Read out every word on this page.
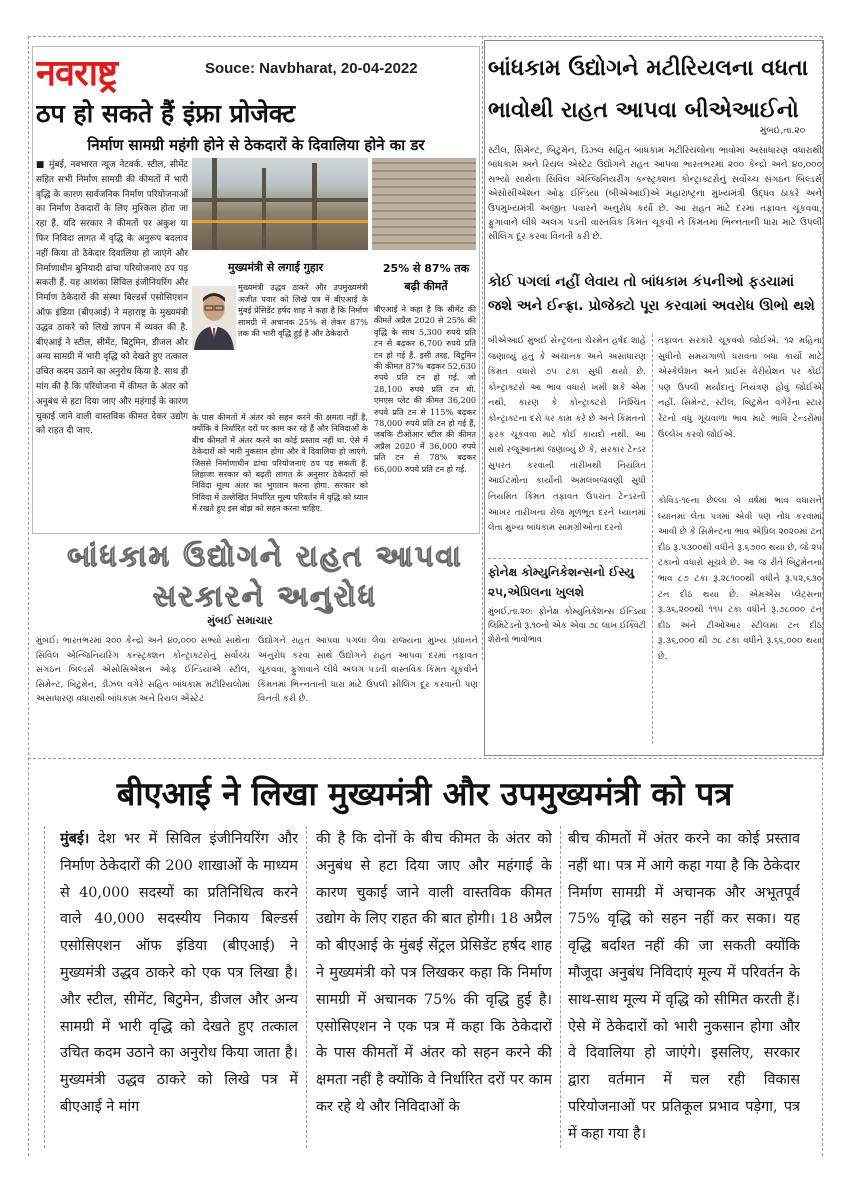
नवराष्ट्र	Souce: Navbharat, 20-04-2022
ठप हो सकते हैं इंफ्रा प्रोजेक्ट
निर्माण सामग्री महंगी होने से ठेकदारों के दिवालिया होने का डर
■ मुंबई, नवभारत न्यूज नेटवर्क. स्टील, सीमेंट सहित सभी निर्माण सामग्री की कीमतों में भारी वृद्धि के कारण सार्वजनिक निर्माण परियोजनाओं का निर्माण ठेकदारों के लिए मुश्किल होता जा रहा है. यदि सरकार ने कीमतों पर अंकुश या फिर निविदा लागत में वृद्धि के अनुरूप बदलाव नहीं किया तो ठेकेदार दिवालिया हो जाएंगे और निर्माणाधीन बुनियादी ढांचा परियोजनाएं ठप पड़ सकती हैं. यह आशंका सिविल इंजीनियरिंग और निर्माण ठेकेदारों की संस्था बिल्डर्स एसोसिएशन ऑफ इंडिया (बीएआई) ने महाराष्ट्र के मुख्यमंत्री उद्धव ठाकरे को लिखे ज्ञापन में व्यक्त की है. बीएआई ने स्टील, सीमेंट, बिटुमिन, डीजल और अन्य सामग्री में भारी वृद्धि को देखते हुए तत्काल उचित कदम उठाने का अनुरोध किया है. साथ ही मांग की है कि परियोजना में कीमत के अंतर को अनुबंध से हटा दिया जाए और महंगाई के कारण चुकाई जाने वाली वास्तविक कीमत देकर उद्योग को राहत दी जाए.
मुख्यमंत्री से लगाई गुहार
मुख्यमंत्री उद्धव ठाकरे और उपमुख्यमंत्री अजीत पवार को लिखे पत्र में बीएआई के मुंबई प्रेसिडेंट हर्षद शाह ने कहा है कि निर्माण सामग्री में अचानक 25% से लेकर 87% तक की भारी वृद्धि हुई है और ठेकेदारों
के पास कीमतों में अंतर को सहन करने की क्षमता नहीं है, क्योंकि वे निर्धारित दरों पर काम कर रहे हैं और निविदाओं के बीच कीमतों में अंतर करने का कोई प्रस्ताव नहीं था. ऐसे में ठेकेदारों को भारी नुकसान होगा और वे दिवालिया हो जाएंगे. जिससे निर्माणाधीन ढांचा परियोजनाएं ठप पड़ सकती हैं. लिहाजा सरकार को बढ़ती लागत के अनुसार ठेकेदारों को निविदा मूल्य अंतर का भुगतान करना होगा. सरकार को निविदा में उल्लेखित निर्धारित मूल्य परिवर्तन में वृद्धि को ध्यान में रखते हुए इस बोझ को सहन करना चाहिए.
25% से 87% तक बढ़ी कीमतें
बीएआई ने कहा है कि सीमेंट की कीमतें अप्रैल 2020 से 25% की वृद्धि के साथ 5,300 रुपये प्रति टन से बढ़कर 6,700 रुपये प्रति टन हो गई हैं. इसी तरह, बिटुमिन की कीमत 87% बढ़कर 52,630 रुपये प्रति टन हो गई. जो 28,100 रुपये प्रति टन थी. एमएस प्लेट की कीमत 36,200 रुपये प्रति टन से 115% बढ़कर 78,000 रुपये प्रति टन हो गई हैं, जबकि टीओआर स्टील की कीमत अप्रैल 2020 में 36,000 रुपये प्रति टन से 78% बढ़कर 66,000 रुपये प्रति टन हो गई.
બાંધકામ ઉદ્યોગને મટીરિયલના વધતા ભાવોથી રાહત આપવા બીએઆઈનો
મુંબઈ,તા.૨૦
સ્ટીલ, સિમેન્ટ, બિટુમેન, ડિઝલ સહિત બાંધકામ મટીરિયલોના ભાવોમાં અસાધારણ વધારાથી બાંધકામ અને રિયલ એસ્ટેટ ઉદ્યોગને રાહત આપવા ભારતભરમાં ૨૦૦ કેન્દ્રો અને ૪૦,૦૦૦ સભ્યો સાથેના સિવિલ એન્જિનિયરીંગ કન્સ્ટ્રક્શન કોન્ટ્રાક્ટરોનું સર્વોચ્ચ સંગઠન બિલ્ડર્સ એસોસીએશન ઓફ ઈન્ડિયા (બીએઆઈ)એ મહારાષ્ટ્રના મુખ્યમંત્રી ઉદ્ધવ ઠાકરે અને ઉપમુખ્યમંત્રી અજીત પવારને અનુરોધ કર્યો છે. આ રાહત માટે દરમાં તફાવત ચૂકવવા, ફુગાવાને લીધે અલગ પડતી વાસ્તવિક કિંમત ચૂકવી ને કિંમતમાં ભિન્નતાની ધારા માટે ઉપલી સીલિંગ દૂર કરવા વિનંતી કરી છે.
કોઈ પગલાં નહીં લેવાય તો બાંધકામ કંપનીઓ ફડચામાં જશે અને ઈન્ફ્રા. પ્રોજેક્ટો પૂરા કરવામાં અવરોધ ઊભો થશે
બીએઆઈ મુંબઈ સેન્ટ્રલના ચેરમેન હર્ષદ શાહે જણાવ્યું હતું કે અચાનક અને અસાધારણ કિંમત વધારો ૭૫ ટકા સુધી થયો છે. કોન્ટ્રાક્ટરો આ ભાવ વધારો ખમી શકે એમ નથી, કારણ કે કોન્ટ્રાક્ટરો નિશ્ચિત કોન્ટ્રાક્ટના દરો પર કામ કરે છે અને કિંમતનો ફરક ચૂકવવા માટે કોઈ કાયદો નથી. આ સાથે રજૂઆતમાં જણાવ્યું છે કે, સરકાર ટેન્ડર સુપરત કરવાની તારીખથી નિયંત્રિત આઈટમોના કાર્યોની અમલબજવણી સુધી નિયમિત કિંમત તફાવત ઉપરાંત ટેન્ડરની આખર તારીખના રોજ મૂળભૂત દરને ધ્યાનમાં લેતા મુખ્ય બાંધકામ સામગ્રીઓના દરનો
તફાવત સરકારે ચૂકવવો જોઈએ. ૧૨ મહિના સુધીનો સમયગાળો ધરાવતા બધા કાર્યો માટે એસ્કેલેશન અને પ્રાઈસ વેરીયેશન પર કોઈ પણ ઉપલી મર્યાદાનું નિયંત્રણ હોવું જોઈએ નહીં. સિમેન્ટ, સ્ટીલ, બિટુમેન વગેરેના સ્ટાર રેટનો વધુ ગૂંચવાળા ભાવ માટે ભાવિ ટેન્ડરોમાં ઉલ્લેખ કરવો જોઈએ.
કોવિડ-૧૯ના છેલ્લા બે વર્ષમાં ભાવ વધારાને ધ્યાનમાં લેતા પત્રમાં એવી પણ નોંધ કરવામાં આવી છે કે સિમેન્ટના ભાવ એપ્રિલ ૨૦૨૦માં ટન દીઠ રૂ.૫૩૦૦થી વધીને રૂ.૬૭૦૦ થયા છે, જે ૨૫ ટકાનો વધારો સૂચવે છે. આ જ રીતે બિટુમેનના ભાવ ૮૭ ટકા રૂ.૨૮૧૦૦થી વધીને રૂ.૫૨,૬૩૦ ટન દીઠ થયા છે. એમએસ પ્લેટ્સના રૂ.૩૬,૨૦૦થી ૧૧૫ ટકા વધીને રૂ.૭૮૦૦૦ ટન દીઠ અને ટીઓઆર સ્ટીલમાં ટન દીઠ રૂ.૩૬,૦૦૦ થી ૭૮ ટકા વધીને રૂ.૬૬,૦૦૦ થયા છે.
ફોનેક્ષ કોમ્યુનિકેશન્સનો ઈસ્યુ ૨૫,એપ્રિલના ખુલશે
મુંબઈ,તા.૨૦: ફોનેક્ષ કોમ્યુનિકેશન્સ ઈન્ડિયા લિમિટેડનો રૂ.૧૦નો એક એવા ૭૮ લાખ ઈક્વિટી શેરોનો ભાવોભાવ
બાંધકામ ઉદ્યોગને રાહત આપવા સરકારને અનુરોધ
મુંબઈ સમાચાર
મુંબઈ: ભારતભરમાં ૨૦૦ કેન્દ્રો અને ૪૦,૦૦૦ સભ્યો સાથેના સિવિલ એન્જિનિયરિંગ કન્સ્ટ્રક્શન કોન્ટ્રાક્ટરોનું સર્વોચ્ચ સંગઠન બિલ્ડર્સ એસોસિએશન ઓફ ઈન્ડિયાએ સ્ટીલ, સિમેન્ટ, બિટુમેન, ડીઝલ વગેરે સહિત બાંધકામ મટીરિયલોમાં અસાધારણ વધારાથી બાંધકામ અને રિયલ એસ્ટેટ
ઉદ્યોગને રાહત આપવા પગલાં લેવા રાજ્યના મુખ્ય પ્રધાનને અનુરોધ કરવા સાથે ઉદ્યોગને રાહત આપવા દરમાં તફાવત ચૂકવવા, ફુગાવાને લીધે અલગ પડતી વાસ્તવિક કિંમત ચૂકવીને કિંમતમાં ભિન્નતાની ધારા માટે ઉપલી સીલિંગ દૂર કરવાની પણ વિનંતી કરી છે.
बीएआई ने लिखा मुख्यमंत्री और उपमुख्यमंत्री को पत्र
मुंबई। देश भर में सिविल इंजीनियरिंग और निर्माण ठेकेदारों की 200 शाखाओं के माध्यम से 40,000 सदस्यों का प्रतिनिधित्व करने वाले 40,000 सदस्यीय निकाय बिल्डर्स एसोसिएशन ऑफ इंडिया (बीएआई) ने मुख्यमंत्री उद्धव ठाकरे को एक पत्र लिखा है। और स्टील, सीमेंट, बिटुमेन, डीजल और अन्य सामग्री में भारी वृद्धि को देखते हुए तत्काल उचित कदम उठाने का अनुरोध किया जाता है। मुख्यमंत्री उद्धव ठाकरे को लिखे पत्र में बीएआई ने मांग
की है कि दोनों के बीच कीमत के अंतर को अनुबंध से हटा दिया जाए और महंगाई के कारण चुकाई जाने वाली वास्तविक कीमत उद्योग के लिए राहत की बात होगी। 18 अप्रैल को बीएआई के मुंबई सेंट्रल प्रेसिडेंट हर्षद शाह ने मुख्यमंत्री को पत्र लिखकर कहा कि निर्माण सामग्री में अचानक 75% की वृद्धि हुई है। एसोसिएशन ने एक पत्र में कहा कि ठेकेदारों के पास कीमतों में अंतर को सहन करने की क्षमता नहीं है क्योंकि वे निर्धारित दरों पर काम कर रहे थे और निविदाओं के
बीच कीमतों में अंतर करने का कोई प्रस्ताव नहीं था। पत्र में आगे कहा गया है कि ठेकेदार निर्माण सामग्री में अचानक और अभूतपूर्व 75% वृद्धि को सहन नहीं कर सका। यह वृद्धि बर्दाश्त नहीं की जा सकती क्योंकि मौजूदा अनुबंध निविदाएं मूल्य में परिवर्तन के साथ-साथ मूल्य में वृद्धि को सीमित करती हैं। ऐसे में ठेकेदारों को भारी नुकसान होगा और वे दिवालिया हो जाएंगे। इसलिए, सरकार द्वारा वर्तमान में चल रही विकास परियोजनाओं पर प्रतिकूल प्रभाव पड़ेगा, पत्र में कहा गया है।
